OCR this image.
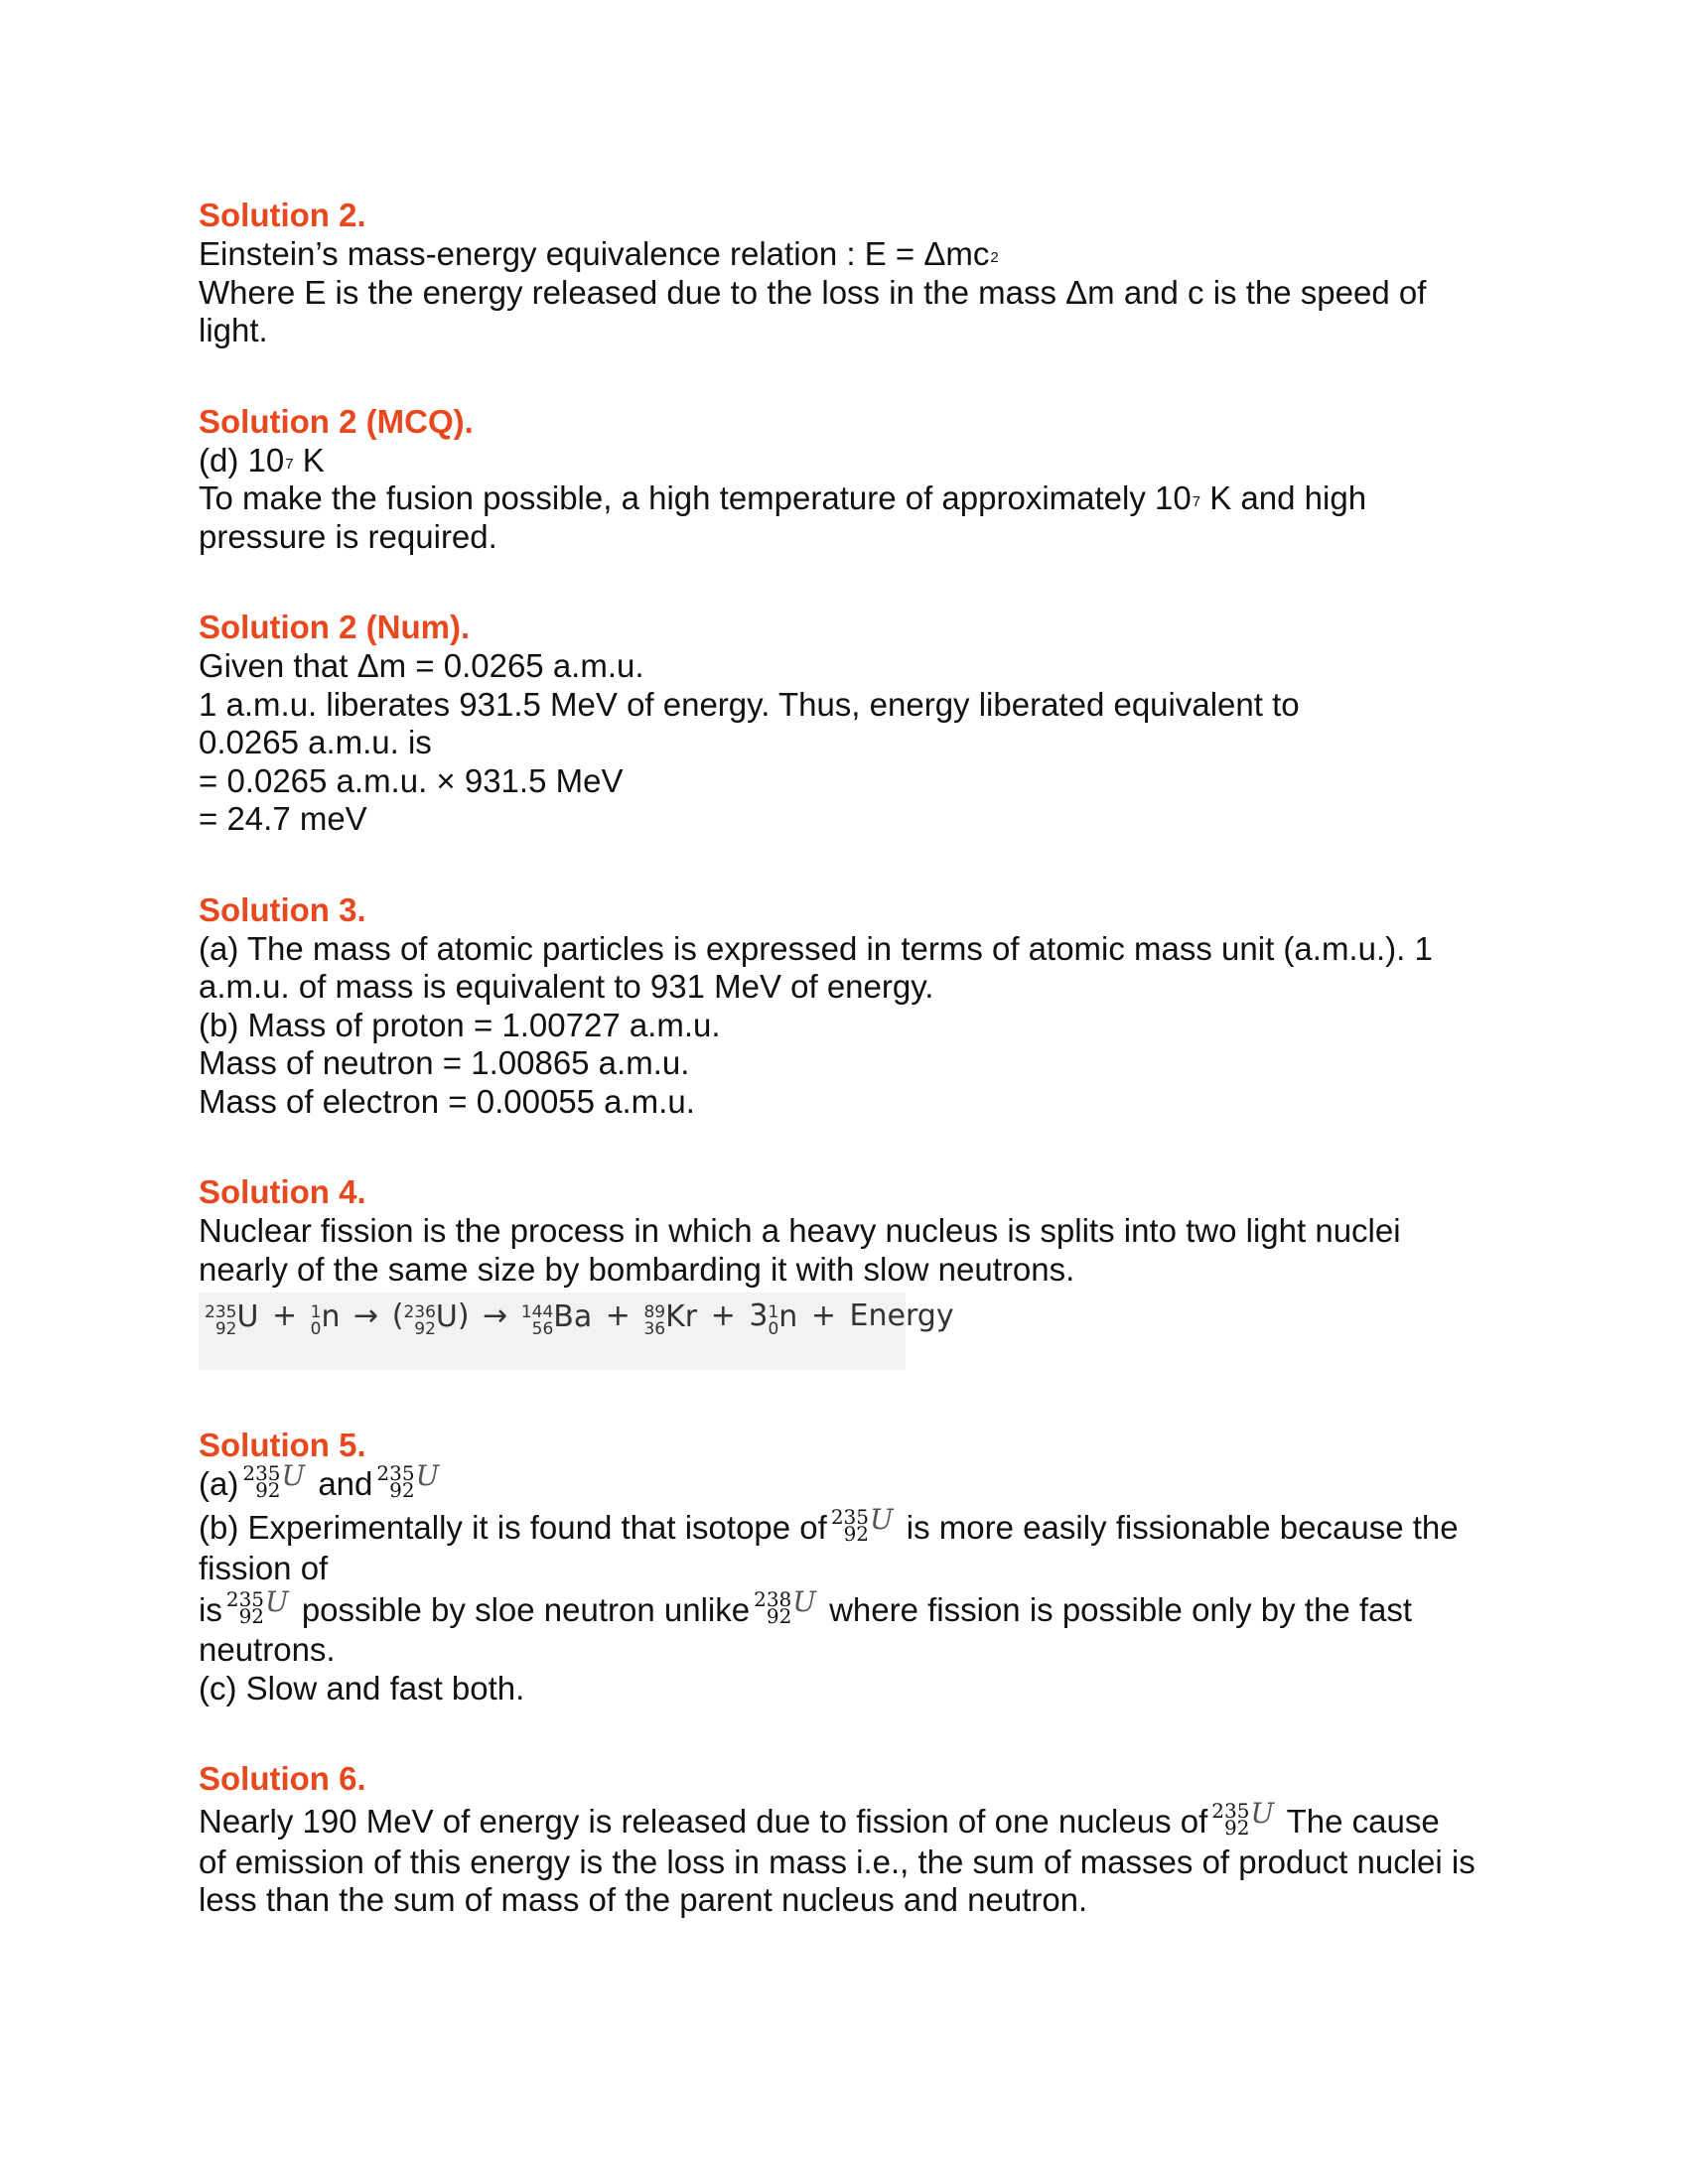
Solution 2.

Einstein’s mass-energy equivalence relation : E = Δmc$^2$

Where E is the energy released due to the loss in the mass Δm and c is the speed of

light.

Solution 2 (MCQ).

(d) $10^7$ K

To make the fusion possible, a high temperature of approximately $10^7$ K and high

pressure is required.

Solution 2 (Num).

Given that Δm = 0.0265 a.m.u.

1 a.m.u. liberates 931.5 MeV of energy. Thus, energy liberated equivalent to

0.0265 a.m.u. is

= 0.0265 a.m.u. × 931.5 MeV

= 24.7 meV

Solution 3.

(a) The mass of atomic particles is expressed in terms of atomic mass unit (a.m.u.). 1

a.m.u. of mass is equivalent to 931 MeV of energy.

(b) Mass of proton = 1.00727 a.m.u.

Mass of neutron = 1.00865 a.m.u.

Mass of electron = 0.00055 a.m.u.

Solution 4.

Nuclear fission is the process in which a heavy nucleus is splits into two light nuclei

nearly of the same size by bombarding it with slow neutrons.

235
92 U + 1
0 n → ( 236
92 U) → 144
56 Ba + 89
36 Kr + 3 1
0 n + Energy
Solution 5.

(a) 235
92 $^U$ and 235
92 $^U$

(b) Experimentally it is found that isotope of 235
92 $^U$ is more easily fissionable because the

fission of

is 235
92 $^U$ possible by sloe neutron unlike 238
92 $^U$ where fission is possible only by the fast

neutrons.

(c) Slow and fast both.

Solution 6.

Nearly 190 MeV of energy is released due to fission of one nucleus of 235
92 $^U$ The cause

of emission of this energy is the loss in mass i.e., the sum of masses of product nuclei is

less than the sum of mass of the parent nucleus and neutron.
